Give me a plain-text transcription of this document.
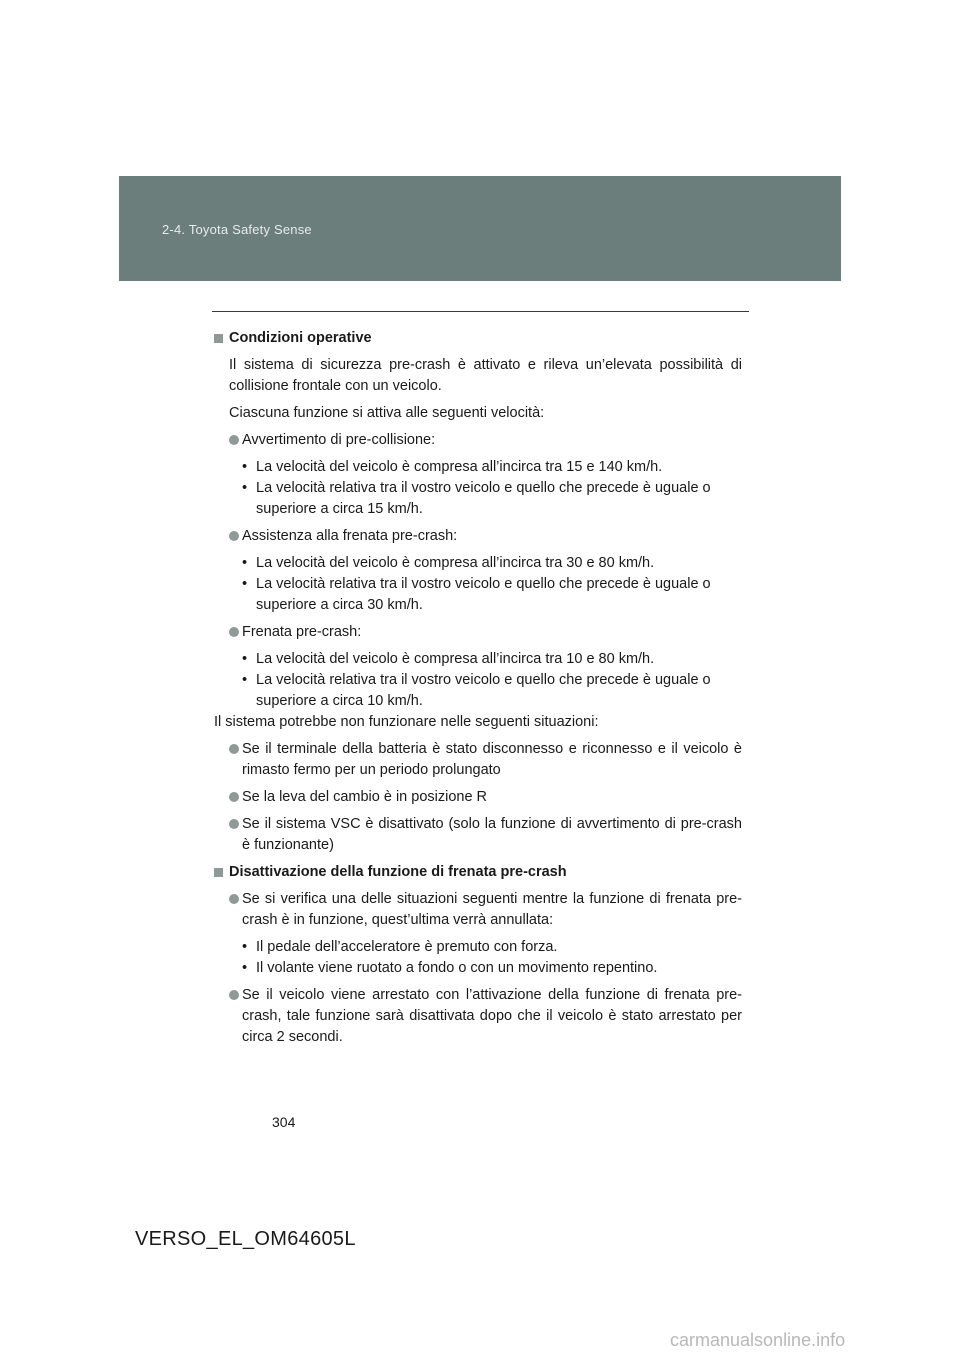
2-4. Toyota Safety Sense
Condizioni operative

Il sistema di sicurezza pre-crash è attivato e rileva un’elevata possibilità di collisione frontale con un veicolo.

Ciascuna funzione si attiva alle seguenti velocità:

Avvertimento di pre-collisione:
• La velocità del veicolo è compresa all’incirca tra 15 e 140 km/h.
• La velocità relativa tra il vostro veicolo e quello che precede è uguale o superiore a circa 15 km/h.
Assistenza alla frenata pre-crash:
• La velocità del veicolo è compresa all’incirca tra 30 e 80 km/h.
• La velocità relativa tra il vostro veicolo e quello che precede è uguale o superiore a circa 30 km/h.
Frenata pre-crash:
• La velocità del veicolo è compresa all’incirca tra 10 e 80 km/h.
• La velocità relativa tra il vostro veicolo e quello che precede è uguale o superiore a circa 10 km/h.

Il sistema potrebbe non funzionare nelle seguenti situazioni:

Se il terminale della batteria è stato disconnesso e riconnesso e il veicolo è rimasto fermo per un periodo prolungato
Se la leva del cambio è in posizione R
Se il sistema VSC è disattivato (solo la funzione di avvertimento di pre-crash è funzionante)
Disattivazione della funzione di frenata pre-crash
Se si verifica una delle situazioni seguenti mentre la funzione di frenata pre-crash è in funzione, quest’ultima verrà annullata:
• Il pedale dell’acceleratore è premuto con forza.
• Il volante viene ruotato a fondo o con un movimento repentino.
Se il veicolo viene arrestato con l’attivazione della funzione di frenata pre-crash, tale funzione sarà disattivata dopo che il veicolo è stato arrestato per circa 2 secondi.
304
VERSO_EL_OM64605L
carmanualsonline.info
